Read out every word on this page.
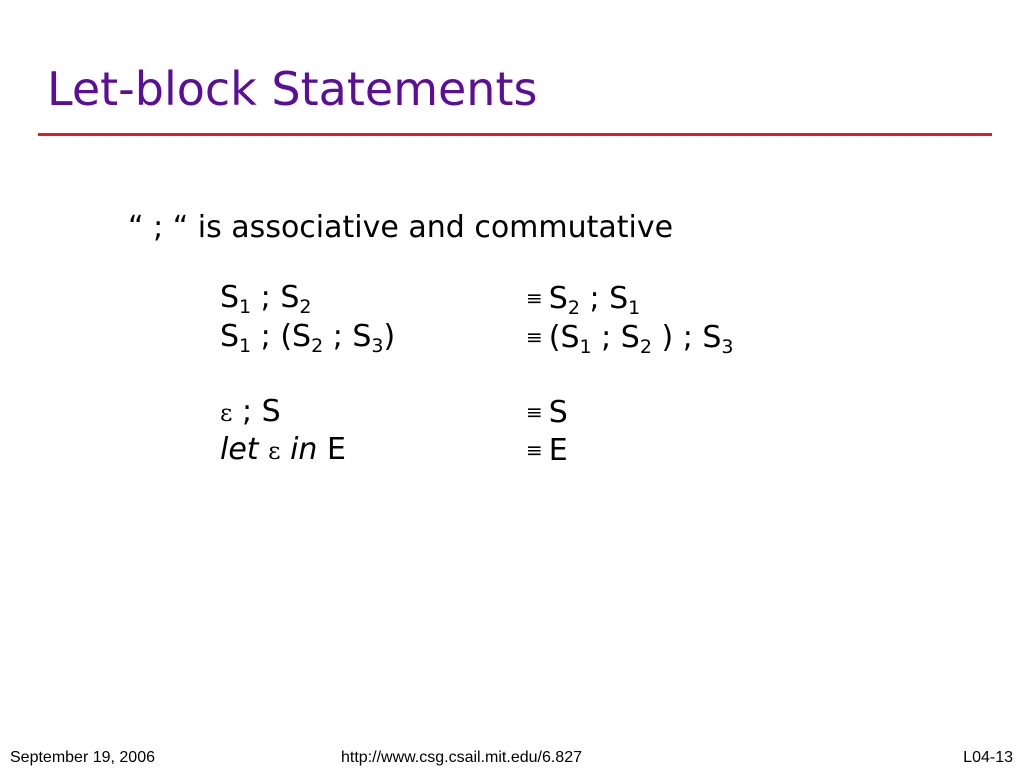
Let-block Statements
“ ; “ is associative and commutative
$S_1$ ; $S_2$	≡ $S_2$ ; $S_1$
$S_1$ ; ($S_2$ ; $S_3$)	≡ ($S_1$ ; $S_2$ ) ; $S_3$
ε ; S	≡ S
let ε in E	≡ E
September 19, 2006	http://www.csg.csail.mit.edu/6.827	L04-13
